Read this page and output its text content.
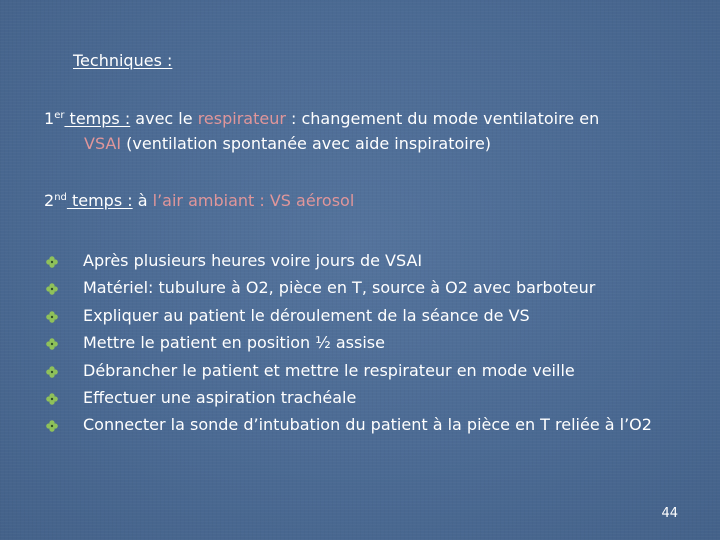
Techniques :
1er temps : avec le respirateur : changement du mode ventilatoire en
VSAI (ventilation spontanée avec aide inspiratoire)
2nd temps : à l’air ambiant : VS aérosol
Après plusieurs heures voire jours de VSAI
Matériel: tubulure à O2, pièce en T, source à O2 avec barboteur
Expliquer au patient le déroulement de la séance de VS
Mettre le patient en position ½ assise
Débrancher le patient et mettre le respirateur en mode veille
Effectuer une aspiration trachéale
Connecter la sonde d’intubation du patient à la pièce en T reliée à l’O2
44
